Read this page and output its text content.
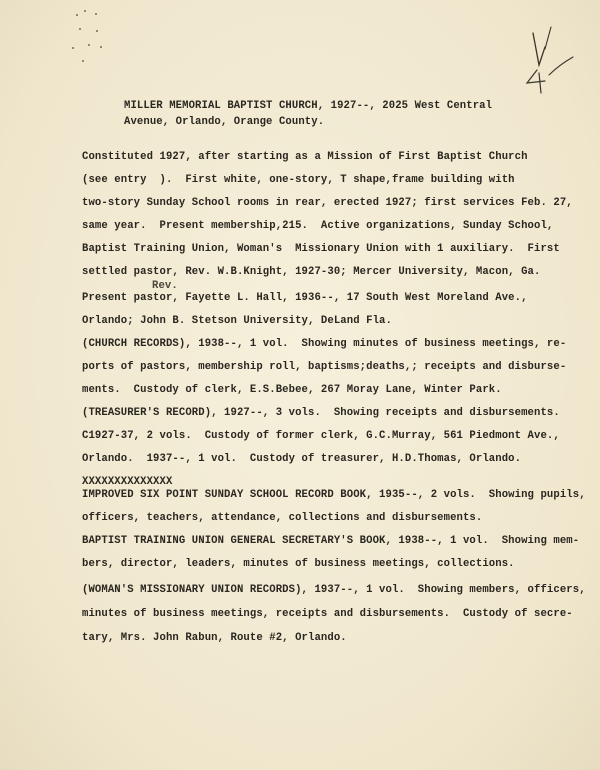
MILLER MEMORIAL BAPTIST CHURCH, 1927--, 2025 West Central
Avenue, Orlando, Orange County.
Constituted 1927, after starting as a Mission of First Baptist Church
(see entry  ).  First white, one-story, T shape,frame building with
two-story Sunday School rooms in rear, erected 1927; first services Feb. 27,
same year.  Present membership,215.  Active organizations, Sunday School,
Baptist Training Union, Woman's  Missionary Union with 1 auxiliary.  First
settled pastor, Rev. W.B.Knight, 1927-30; Mercer University, Macon, Ga.
Rev.
Present pastor, Fayette L. Hall, 1936--, 17 South West Moreland Ave.,
Orlando; John B. Stetson University, DeLand Fla.
(CHURCH RECORDS), 1938--, 1 vol.  Showing minutes of business meetings, re-
ports of pastors, membership roll, baptisms;deaths,; receipts and disburse-
ments.  Custody of clerk, E.S.Bebee, 267 Moray Lane, Winter Park.
(TREASURER'S RECORD), 1927--, 3 vols.  Showing receipts and disbursements.
C1927-37, 2 vols.  Custody of former clerk, G.C.Murray, 561 Piedmont Ave.,
Orlando.  1937--, 1 vol.  Custody of treasurer, H.D.Thomas, Orlando.
XXXXXXXXXXXXXX
IMPROVED SIX POINT SUNDAY SCHOOL RECORD BOOK, 1935--, 2 vols.  Showing pupils,
officers, teachers, attendance, collections and disbursements.
BAPTIST TRAINING UNION GENERAL SECRETARY'S BOOK, 1938--, 1 vol.  Showing mem-
bers, director, leaders, minutes of business meetings, collections.
(WOMAN'S MISSIONARY UNION RECORDS), 1937--, 1 vol.  Showing members, officers,
minutes of business meetings, receipts and disbursements.  Custody of secre-
tary, Mrs. John Rabun, Route #2, Orlando.
